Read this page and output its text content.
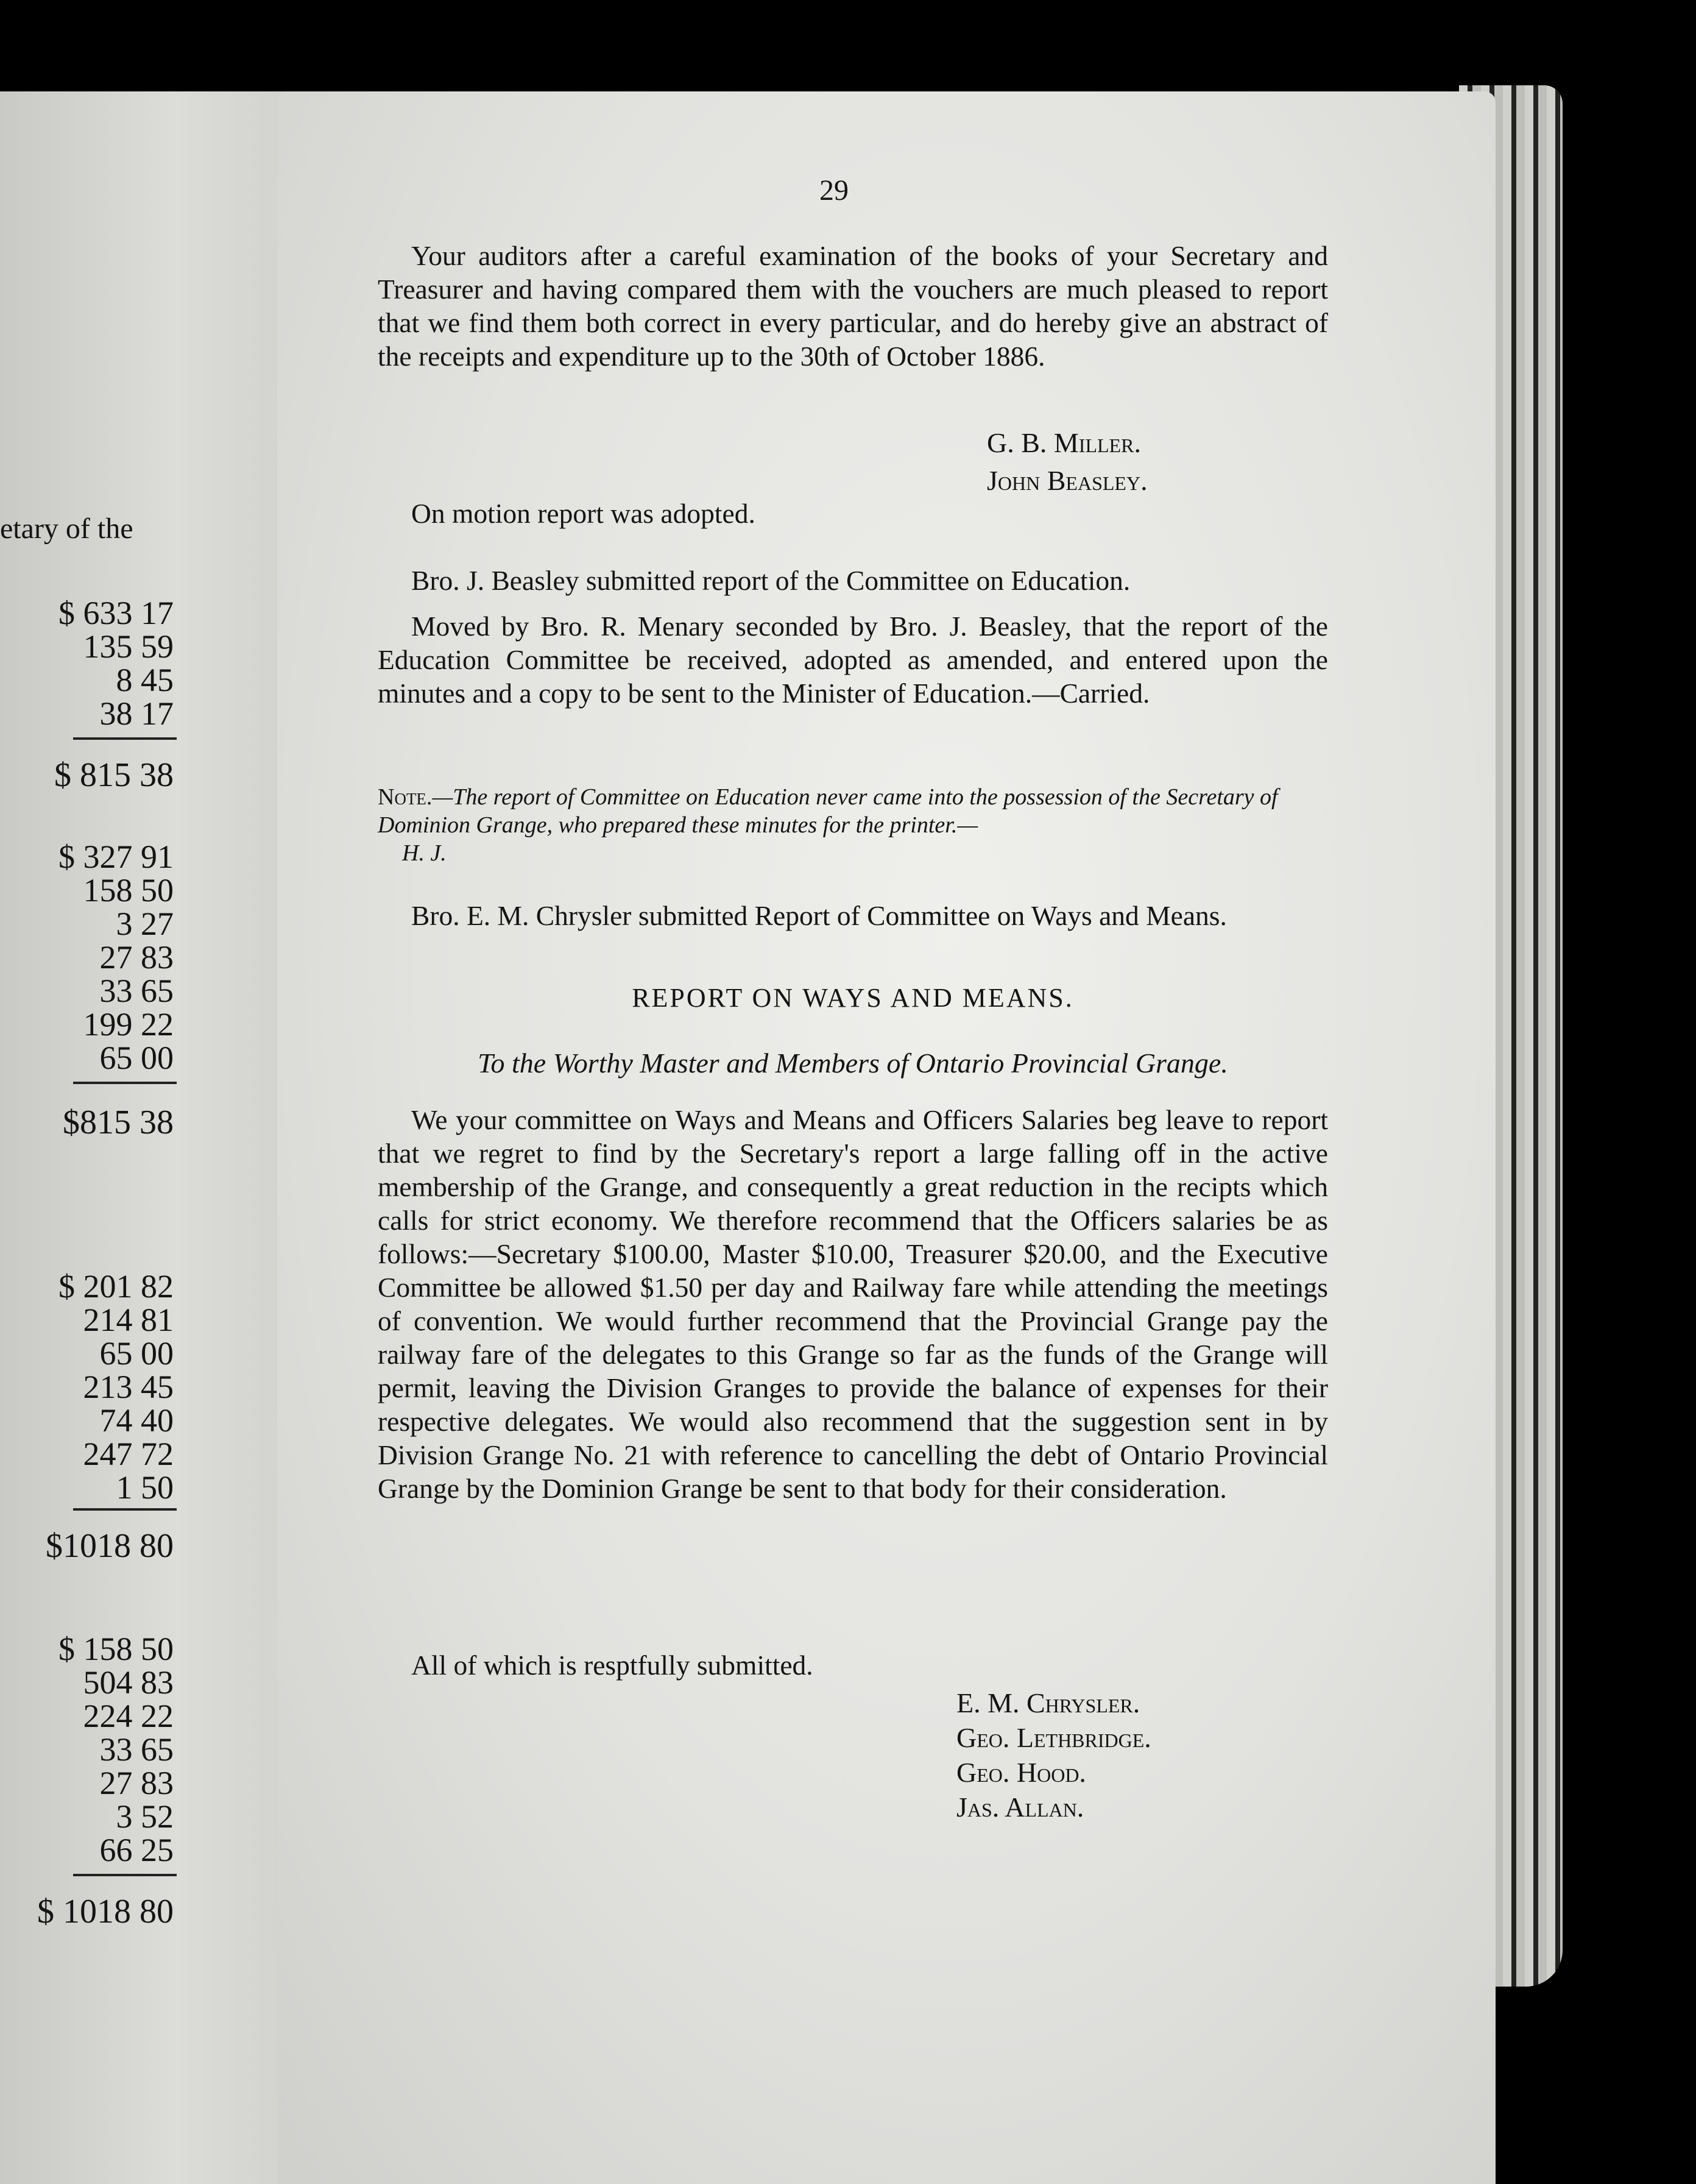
etary of the
$ 633 17
135 59
8 45
38 17
$ 815 38
$ 327 91
158 50
3 27
27 83
33 65
199 22
65 00
$815 38
$ 201 82
214 81
65 00
213 45
74 40
247 72
1 50
$1018 80
$ 158 50
504 83
224 22
33 65
27 83
3 52
66 25
$ 1018 80
29

Your auditors after a careful examination of the books of your Secretary and Treasurer and having compared them with the vouchers are much pleased to report that we find them both correct in every particular, and do hereby give an abstract of the receipts and expenditure up to the 30th of October 1886.

G. B. Miller.
John Beasley.

On motion report was adopted.

Bro. J. Beasley submitted report of the Committee on Education.

Moved by Bro. R. Menary seconded by Bro. J. Beasley, that the report of the Education Committee be received, adopted as amended, and entered upon the minutes and a copy to be sent to the Minister of Education.—Carried.

Note.—The report of Committee on Education never came into the possession of the Secretary of Dominion Grange, who prepared these minutes for the printer.—
H. J.

Bro. E. M. Chrysler submitted Report of Committee on Ways and Means.

REPORT ON WAYS AND MEANS.
To the Worthy Master and Members of Ontario Provincial Grange.

We your committee on Ways and Means and Officers Salaries beg leave to report that we regret to find by the Secretary's report a large falling off in the active membership of the Grange, and consequently a great reduction in the recipts which calls for strict economy. We therefore recommend that the Officers salaries be as follows:—Secretary $100.00, Master $10.00, Treasurer $20.00, and the Executive Committee be allowed $1.50 per day and Railway fare while attending the meetings of convention. We would further recommend that the Provincial Grange pay the railway fare of the delegates to this Grange so far as the funds of the Grange will permit, leaving the Division Granges to provide the balance of expenses for their respective delegates. We would also recommend that the suggestion sent in by Division Grange No. 21 with reference to cancelling the debt of Ontario Provincial Grange by the Dominion Grange be sent to that body for their consideration.

All of which is resptfully submitted.

E. M. Chrysler.
Geo. Lethbridge.
Geo. Hood.
Jas. Allan.
